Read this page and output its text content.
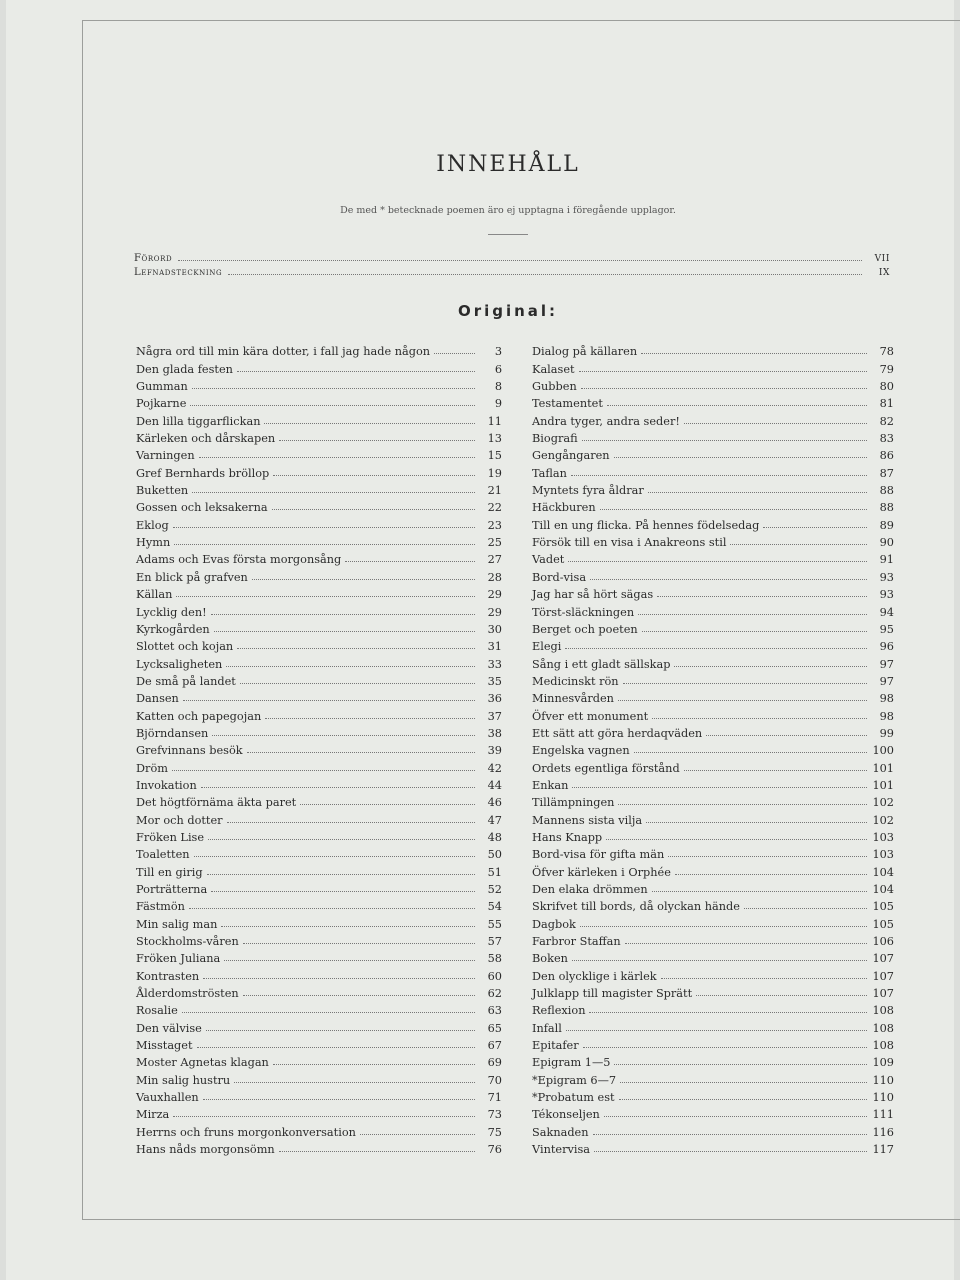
INNEHÅLL
De med * betecknade poemen äro ej upptagna i föregående upplagor.
Förord	VII
Lefnadsteckning	IX
Original:
Några ord till min kära dotter, i fall jag hade någon	3
Den glada festen	6
Gumman	8
Pojkarne	9
Den lilla tiggarflickan	11
Kärleken och dårskapen	13
Varningen	15
Gref Bernhards bröllop	19
Buketten	21
Gossen och leksakerna	22
Eklog	23
Hymn	25
Adams och Evas första morgonsång	27
En blick på grafven	28
Källan	29
Lycklig den!	29
Kyrkogården	30
Slottet och kojan	31
Lycksaligheten	33
De små på landet	35
Dansen	36
Katten och papegojan	37
Björndansen	38
Grefvinnans besök	39
Dröm	42
Invokation	44
Det högtförnäma äkta paret	46
Mor och dotter	47
Fröken Lise	48
Toaletten	50
Till en girig	51
Porträtterna	52
Fästmön	54
Min salig man	55
Stockholms-våren	57
Fröken Juliana	58
Kontrasten	60
Ålderdomströsten	62
Rosalie	63
Den välvise	65
Misstaget	67
Moster Agnetas klagan	69
Min salig hustru	70
Vauxhallen	71
Mirza	73
Herrns och fruns morgonkonversation	75
Hans nåds morgonsömn	76
Dialog på källaren	78
Kalaset	79
Gubben	80
Testamentet	81
Andra tyger, andra seder!	82
Biografi	83
Gengångaren	86
Taflan	87
Myntets fyra åldrar	88
Häckburen	88
Till en ung flicka. På hennes födelsedag	89
Försök till en visa i Anakreons stil	90
Vadet	91
Bord-visa	93
Jag har så hört sägas	93
Törst-släckningen	94
Berget och poeten	95
Elegi	96
Sång i ett gladt sällskap	97
Medicinskt rön	97
Minnesvården	98
Öfver ett monument	98
Ett sätt att göra herdaqväden	99
Engelska vagnen	100
Ordets egentliga förstånd	101
Enkan	101
Tillämpningen	102
Mannens sista vilja	102
Hans Knapp	103
Bord-visa för gifta män	103
Öfver kärleken i Orphée	104
Den elaka drömmen	104
Skrifvet till bords, då olyckan hände	105
Dagbok	105
Farbror Staffan	106
Boken	107
Den olycklige i kärlek	107
Julklapp till magister Sprätt	107
Reflexion	108
Infall	108
Epitafer	108
Epigram 1—5	109
*Epigram 6—7	110
*Probatum est	110
Tékonseljen	111
Saknaden	116
Vintervisa	117
